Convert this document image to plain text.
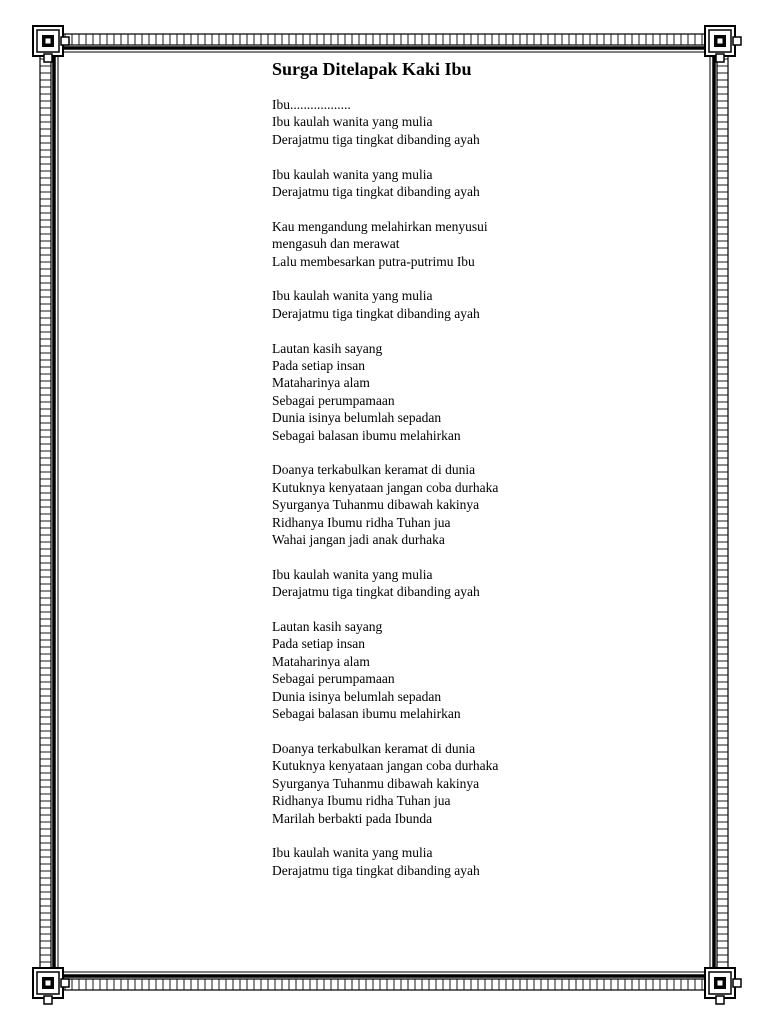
Surga Ditelapak Kaki Ibu
Ibu..................
Ibu kaulah wanita yang mulia
Derajatmu tiga tingkat dibanding ayah
Ibu kaulah wanita yang mulia
Derajatmu tiga tingkat dibanding ayah
Kau mengandung melahirkan menyusui
mengasuh dan merawat
Lalu membesarkan putra-putrimu Ibu
Ibu kaulah wanita yang mulia
Derajatmu tiga tingkat dibanding ayah
Lautan kasih sayang
Pada setiap insan
Mataharinya alam
Sebagai perumpamaan
Dunia isinya belumlah sepadan
Sebagai balasan ibumu melahirkan
Doanya terkabulkan keramat di dunia
Kutuknya kenyataan jangan coba durhaka
Syurganya Tuhanmu dibawah kakinya
Ridhanya Ibumu ridha Tuhan jua
Wahai jangan jadi anak durhaka
Ibu kaulah wanita yang mulia
Derajatmu tiga tingkat dibanding ayah
Lautan kasih sayang
Pada setiap insan
Mataharinya alam
Sebagai perumpamaan
Dunia isinya belumlah sepadan
Sebagai balasan ibumu melahirkan
Doanya terkabulkan keramat di dunia
Kutuknya kenyataan jangan coba durhaka
Syurganya Tuhanmu dibawah kakinya
Ridhanya Ibumu ridha Tuhan jua
Marilah berbakti pada Ibunda
Ibu kaulah wanita yang mulia
Derajatmu tiga tingkat dibanding ayah
